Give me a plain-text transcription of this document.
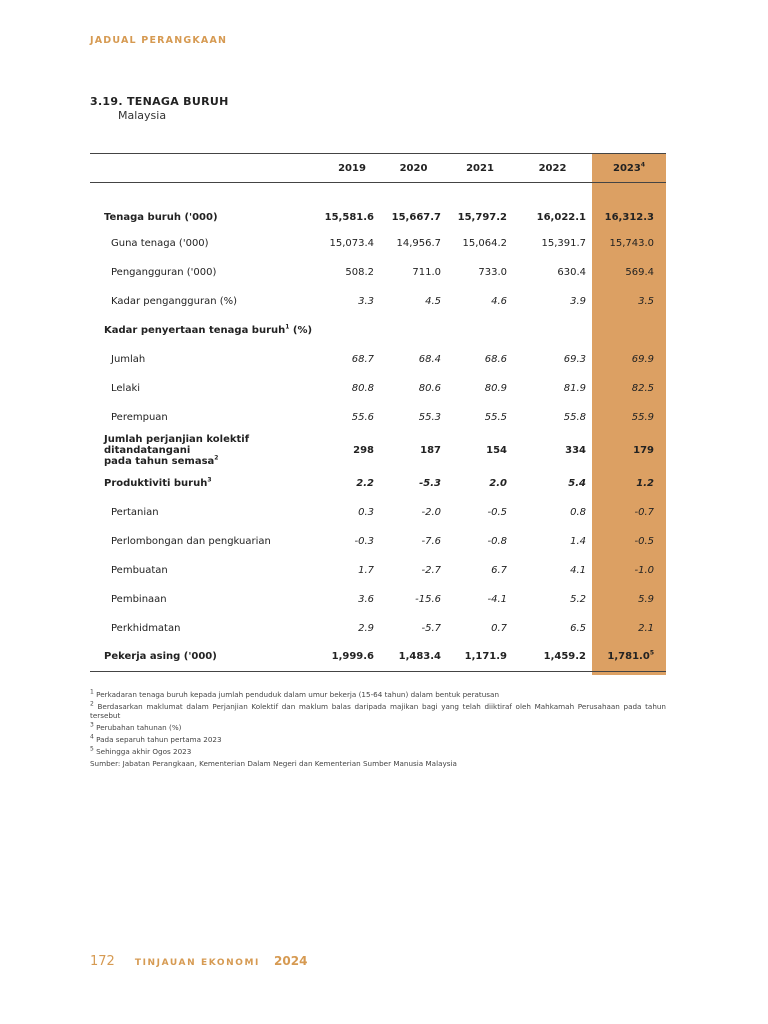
JADUAL PERANGKAAN
3.19. TENAGA BURUH
Malaysia
	2019	2020	2021	2022	2023$^4$

Tenaga buruh ('000)	15,581.6	15,667.7	15,797.2	16,022.1	16,312.3
Guna tenaga ('000)	15,073.4	14,956.7	15,064.2	15,391.7	15,743.0
Pengangguran ('000)	508.2	711.0	733.0	630.4	569.4
Kadar pengangguran (%)	3.3	4.5	4.6	3.9	3.5
Kadar penyertaan tenaga buruh$^1$ (%)					
Jumlah	68.7	68.4	68.6	69.3	69.9
Lelaki	80.8	80.6	80.9	81.9	82.5
Perempuan	55.6	55.3	55.5	55.8	55.9
Jumlah perjanjian kolektif ditandatangani
pada tahun semasa$^2$	298	187	154	334	179
Produktiviti buruh$^3$	2.2	-5.3	2.0	5.4	1.2
Pertanian	0.3	-2.0	-0.5	0.8	-0.7
Perlombongan dan pengkuarian	-0.3	-7.6	-0.8	1.4	-0.5
Pembuatan	1.7	-2.7	6.7	4.1	-1.0
Pembinaan	3.6	-15.6	-4.1	5.2	5.9
Perkhidmatan	2.9	-5.7	0.7	6.5	2.1
Pekerja asing ('000)	1,999.6	1,483.4	1,171.9	1,459.2	1,781.0$^5$

$^1$ Perkadaran tenaga buruh kepada jumlah penduduk dalam umur bekerja (15-64 tahun) dalam bentuk peratusan

$^2$ Berdasarkan maklumat dalam Perjanjian Kolektif dan maklum balas daripada majikan bagi yang telah diiktiraf oleh Mahkamah Perusahaan pada tahun tersebut

$^3$ Perubahan tahunan (%)

$^4$ Pada separuh tahun pertama 2023

$^5$ Sehingga akhir Ogos 2023

Sumber: Jabatan Perangkaan, Kementerian Dalam Negeri dan Kementerian Sumber Manusia Malaysia

172 TINJAUAN EKONOMI 2024
